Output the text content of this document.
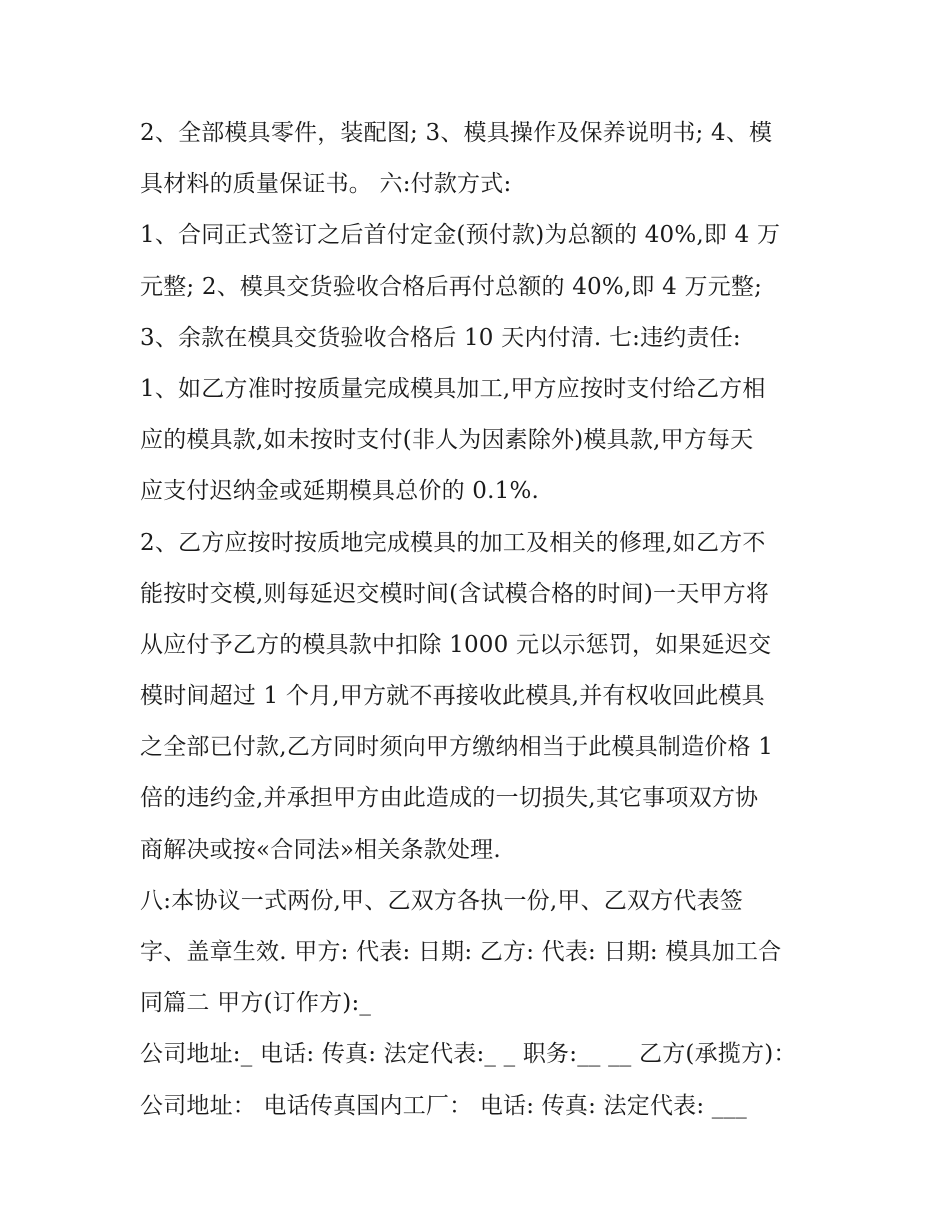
2、全部模具零件，装配图; 3、模具操作及保养说明书; 4、模
具材料的质量保证书。 六:付款方式:
1、合同正式签订之后首付定金(预付款)为总额的 40%,即 4 万
元整; 2、模具交货验收合格后再付总额的 40%,即 4 万元整;
3、余款在模具交货验收合格后 10 天内付清. 七:违约责任:
1、如乙方准时按质量完成模具加工,甲方应按时支付给乙方相
应的模具款,如未按时支付(非人为因素除外)模具款,甲方每天
应支付迟纳金或延期模具总价的 0.1%.
2、乙方应按时按质地完成模具的加工及相关的修理,如乙方不
能按时交模,则每延迟交模时间(含试模合格的时间)一天甲方将
从应付予乙方的模具款中扣除 1000 元以示惩罚，如果延迟交
模时间超过 1 个月,甲方就不再接收此模具,并有权收回此模具
之全部已付款,乙方同时须向甲方缴纳相当于此模具制造价格 1
倍的违约金,并承担甲方由此造成的一切损失,其它事项双方协
商解决或按«合同法»相关条款处理.
八:本协议一式两份,甲、乙双方各执一份,甲、乙双方代表签
字、盖章生效. 甲方: 代表: 日期: 乙方: 代表: 日期: 模具加工合
同篇二 甲方(订作方):_
公司地址:_ 电话: 传真: 法定代表:_ _ 职务:__ __ 乙方(承揽方)：
公司地址： 电话传真国内工厂： 电话: 传真: 法定代表: ___
